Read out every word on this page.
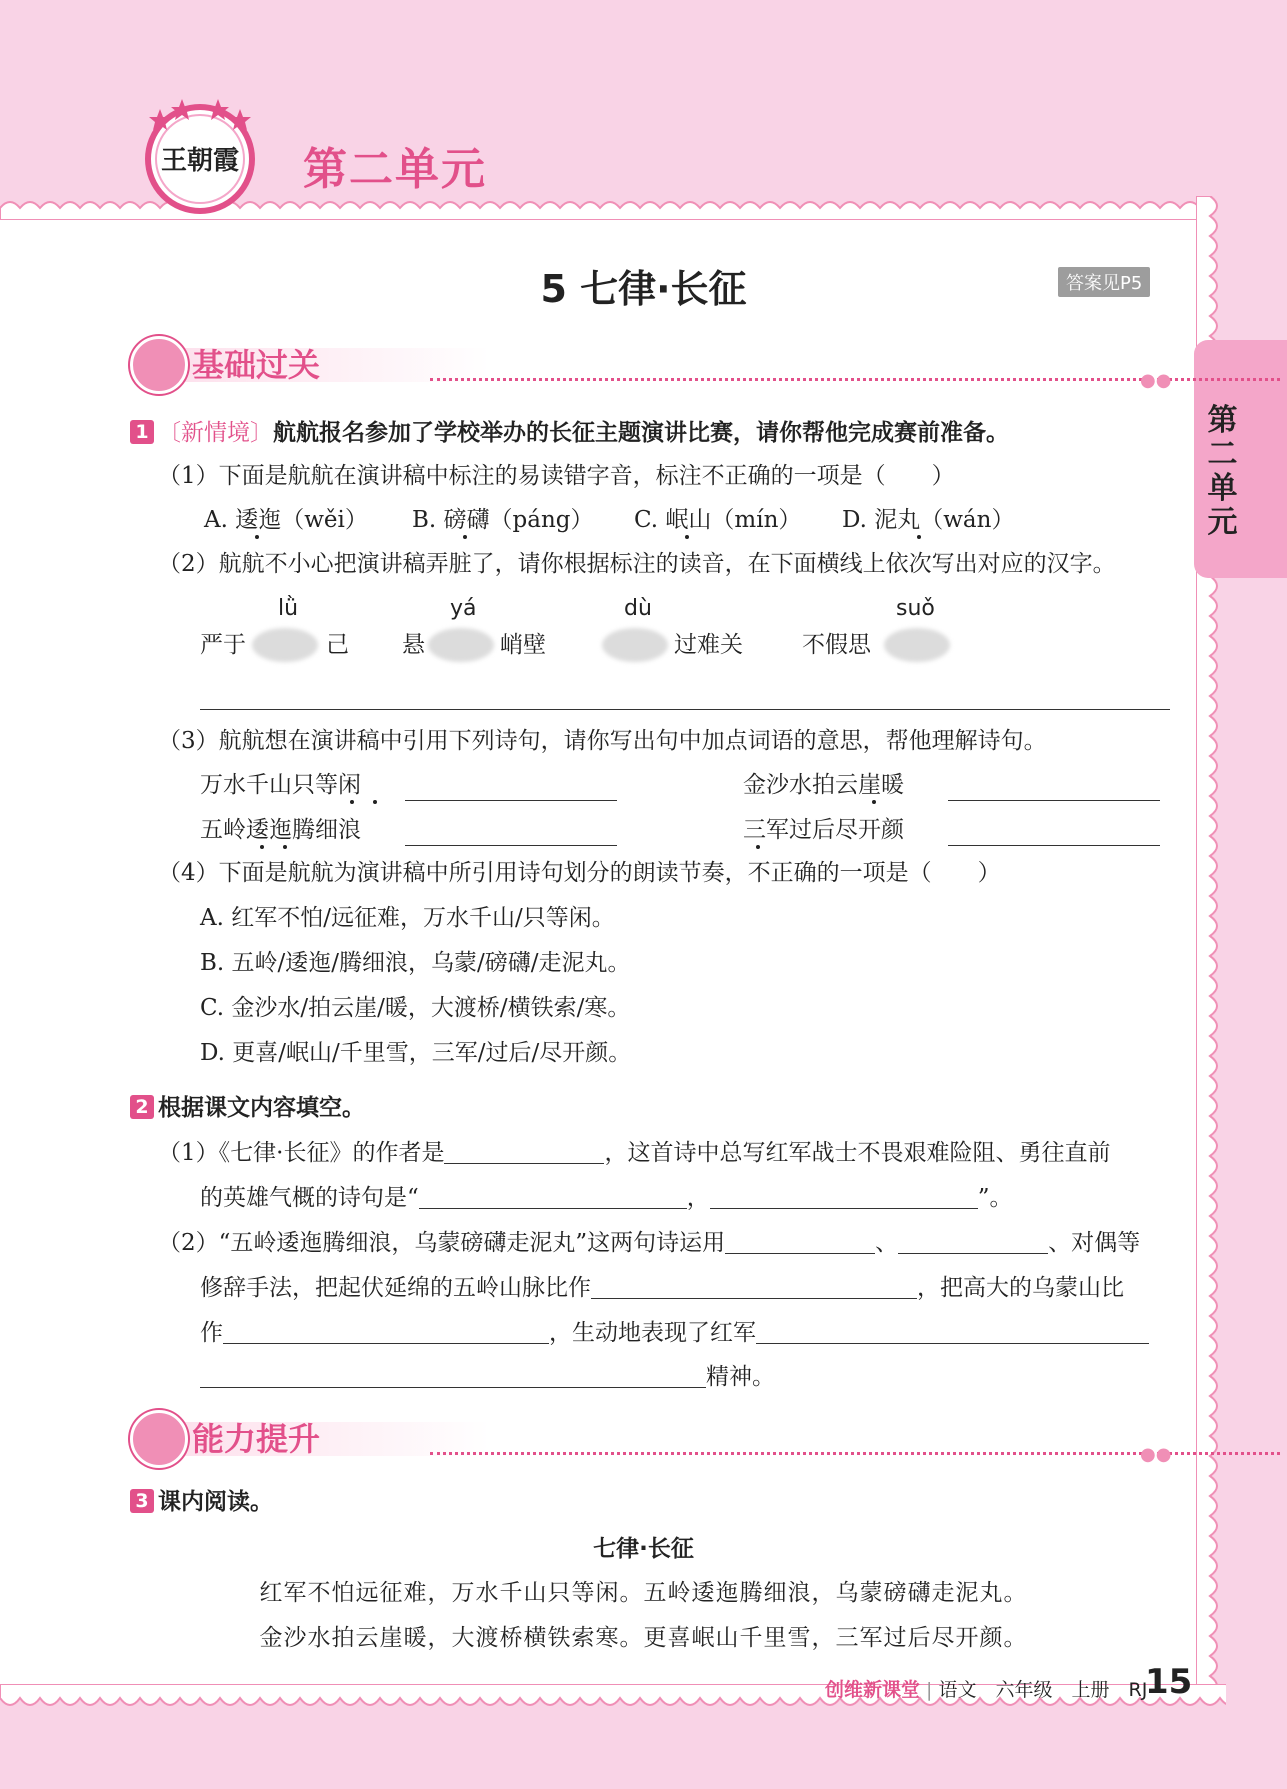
王朝霞 第二单元
5 七律·长征	答案见P5
第二单元
基础过关	●●
1 〔新情境〕航航报名参加了学校举办的长征主题演讲比赛，请你帮他完成赛前准备。
（1）下面是航航在演讲稿中标注的易读错字音，标注不正确的一项是（　　）
A. 逶迤（wěi） B. 磅礴（páng） C. 岷山（mín） D. 泥丸（wán）
（2）航航不小心把演讲稿弄脏了，请你根据标注的读音，在下面横线上依次写出对应的汉字。
lǜ	yá	dù	suǒ
严于	己 悬	峭壁	过难关	不假思
（3）航航想在演讲稿中引用下列诗句，请你写出句中加点词语的意思，帮他理解诗句。
万水千山只等闲	金沙水拍云崖暖
五岭逶迤腾细浪	三军过后尽开颜
（4）下面是航航为演讲稿中所引用诗句划分的朗读节奏，不正确的一项是（　　）
A. 红军不怕/远征难，万水千山/只等闲。
B. 五岭/逶迤/腾细浪，乌蒙/磅礴/走泥丸。
C. 金沙水/拍云崖/暖，大渡桥/横铁索/寒。
D. 更喜/岷山/千里雪，三军/过后/尽开颜。
2 根据课文内容填空。
（1）《七律·长征》的作者是	，这首诗中总写红军战士不畏艰难险阻、勇往直前
的英雄气概的诗句是“	，	”。
（2）“五岭逶迤腾细浪，乌蒙磅礴走泥丸”这两句诗运用	、	、对偶等
修辞手法，把起伏延绵的五岭山脉比作	，把高大的乌蒙山比
作	，生动地表现了红军
精神。
能力提升	●●
3 课内阅读。
七律·长征
红军不怕远征难，万水千山只等闲。五岭逶迤腾细浪，乌蒙磅礴走泥丸。
金沙水拍云崖暖，大渡桥横铁索寒。更喜岷山千里雪，三军过后尽开颜。
创维新课堂 | 语文　六年级　上册　RJ
15
